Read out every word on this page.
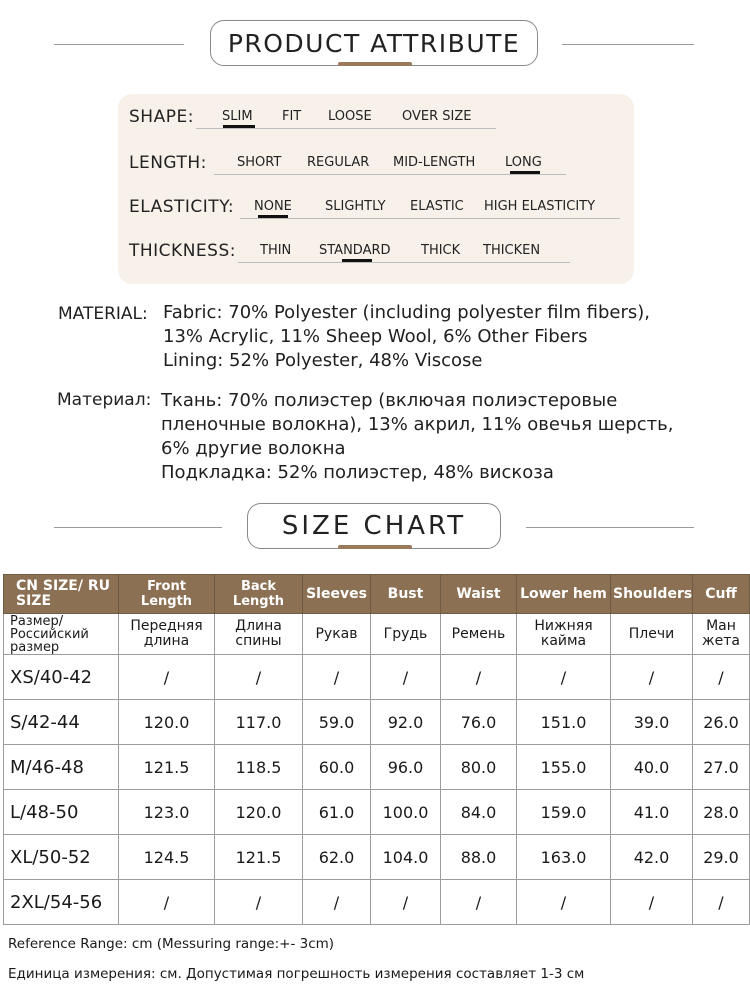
PRODUCT ATTRIBUTE
SHAPE: SLIM FIT LOOSE OVER SIZE
LENGTH: SHORT REGULAR MID-LENGTH LONG
ELASTICITY: NONE	SLIGHTLY ELASTIC HIGH ELASTICITY
THICKNESS: THIN STANDARD THICK THICKEN
MATERIAL: Fabric: 70% Polyester (including polyester film fibers),
13% Acrylic, 11% Sheep Wool, 6% Other Fibers
Lining: 52% Polyester, 48% Viscose
Материал: Ткань: 70% полиэстер (включая полиэстеровые
пленочные волокна), 13% акрил, 11% овечья шерсть,
6% другие волокна
Подкладка: 52% полиэстер, 48% вискоза
SIZE CHART
CN SIZE/ RU SIZE	Front Length	Back Length	Sleeves	Bust	Waist	Lower hem	Shoulders	Cuff
Размер/ Российский размер	Передняя длина	Длина спины	Рукав	Грудь	Ремень	Нижняя кайма	Плечи	Ман жета
XS/40-42	/	/	/	/	/	/	/	/
S/42-44	120.0	117.0	59.0	92.0	76.0	151.0	39.0	26.0
M/46-48	121.5	118.5	60.0	96.0	80.0	155.0	40.0	27.0
L/48-50	123.0	120.0	61.0	100.0	84.0	159.0	41.0	28.0
XL/50-52	124.5	121.5	62.0	104.0	88.0	163.0	42.0	29.0
2XL/54-56	/	/	/	/	/	/	/	/
Reference Range: cm (Messuring range:+- 3cm)
Единица измерения: см. Допустимая погрешность измерения составляет 1-3 см
